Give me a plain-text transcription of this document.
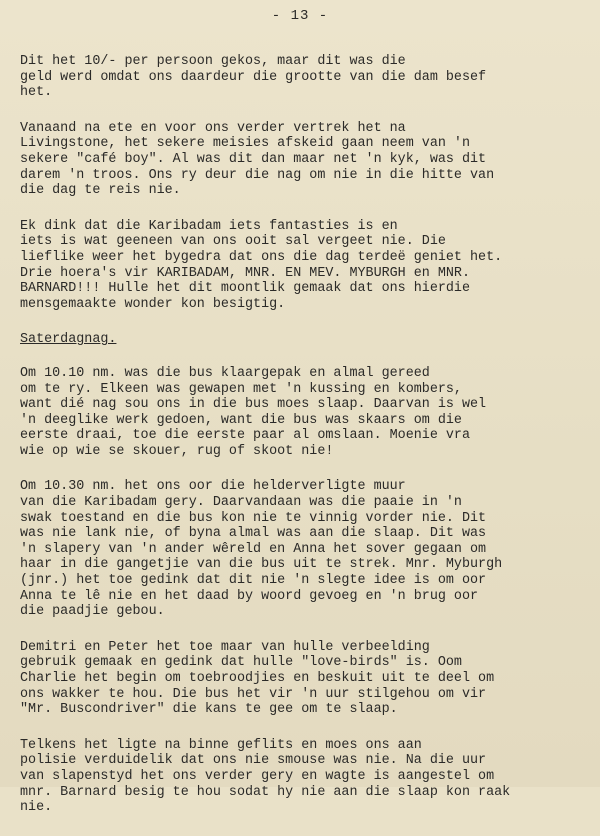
- 13 -

Dit het 10/- per persoon gekos, maar dit was die
geld werd omdat ons daardeur die grootte van die dam besef
het.

Vanaand na ete en voor ons verder vertrek het na
Livingstone, het sekere meisies afskeid gaan neem van 'n
sekere "café boy". Al was dit dan maar net 'n kyk, was dit
darem 'n troos. Ons ry deur die nag om nie in die hitte van
die dag te reis nie.

Ek dink dat die Karibadam iets fantasties is en
iets is wat geeneen van ons ooit sal vergeet nie. Die
lieflike weer het bygedra dat ons die dag terdeë geniet het.
Drie hoera's vir KARIBADAM, MNR. EN MEV. MYBURGH en MNR.
BARNARD!!! Hulle het dit moontlik gemaak dat ons hierdie
mensgemaakte wonder kon besigtig.

Saterdagnag.

Om 10.10 nm. was die bus klaargepak en almal gereed
om te ry. Elkeen was gewapen met 'n kussing en kombers,
want dié nag sou ons in die bus moes slaap. Daarvan is wel
'n deeglike werk gedoen, want die bus was skaars om die
eerste draai, toe die eerste paar al omslaan. Moenie vra
wie op wie se skouer, rug of skoot nie!

Om 10.30 nm. het ons oor die helderverligte muur
van die Karibadam gery. Daarvandaan was die paaie in 'n
swak toestand en die bus kon nie te vinnig vorder nie. Dit
was nie lank nie, of byna almal was aan die slaap. Dit was
'n slapery van 'n ander wêreld en Anna het sover gegaan om
haar in die gangetjie van die bus uit te strek. Mnr. Myburgh
(jnr.) het toe gedink dat dit nie 'n slegte idee is om oor
Anna te lê nie en het daad by woord gevoeg en 'n brug oor
die paadjie gebou.

Demitri en Peter het toe maar van hulle verbeelding
gebruik gemaak en gedink dat hulle "love-birds" is. Oom
Charlie het begin om toebroodjies en beskuit uit te deel om
ons wakker te hou. Die bus het vir 'n uur stilgehou om vir
"Mr. Buscondriver" die kans te gee om te slaap.

Telkens het ligte na binne geflits en moes ons aan
polisie verduidelik dat ons nie smouse was nie. Na die uur
van slapenstyd het ons verder gery en wagte is aangestel om
mnr. Barnard besig te hou sodat hy nie aan die slaap kon raak
nie.
